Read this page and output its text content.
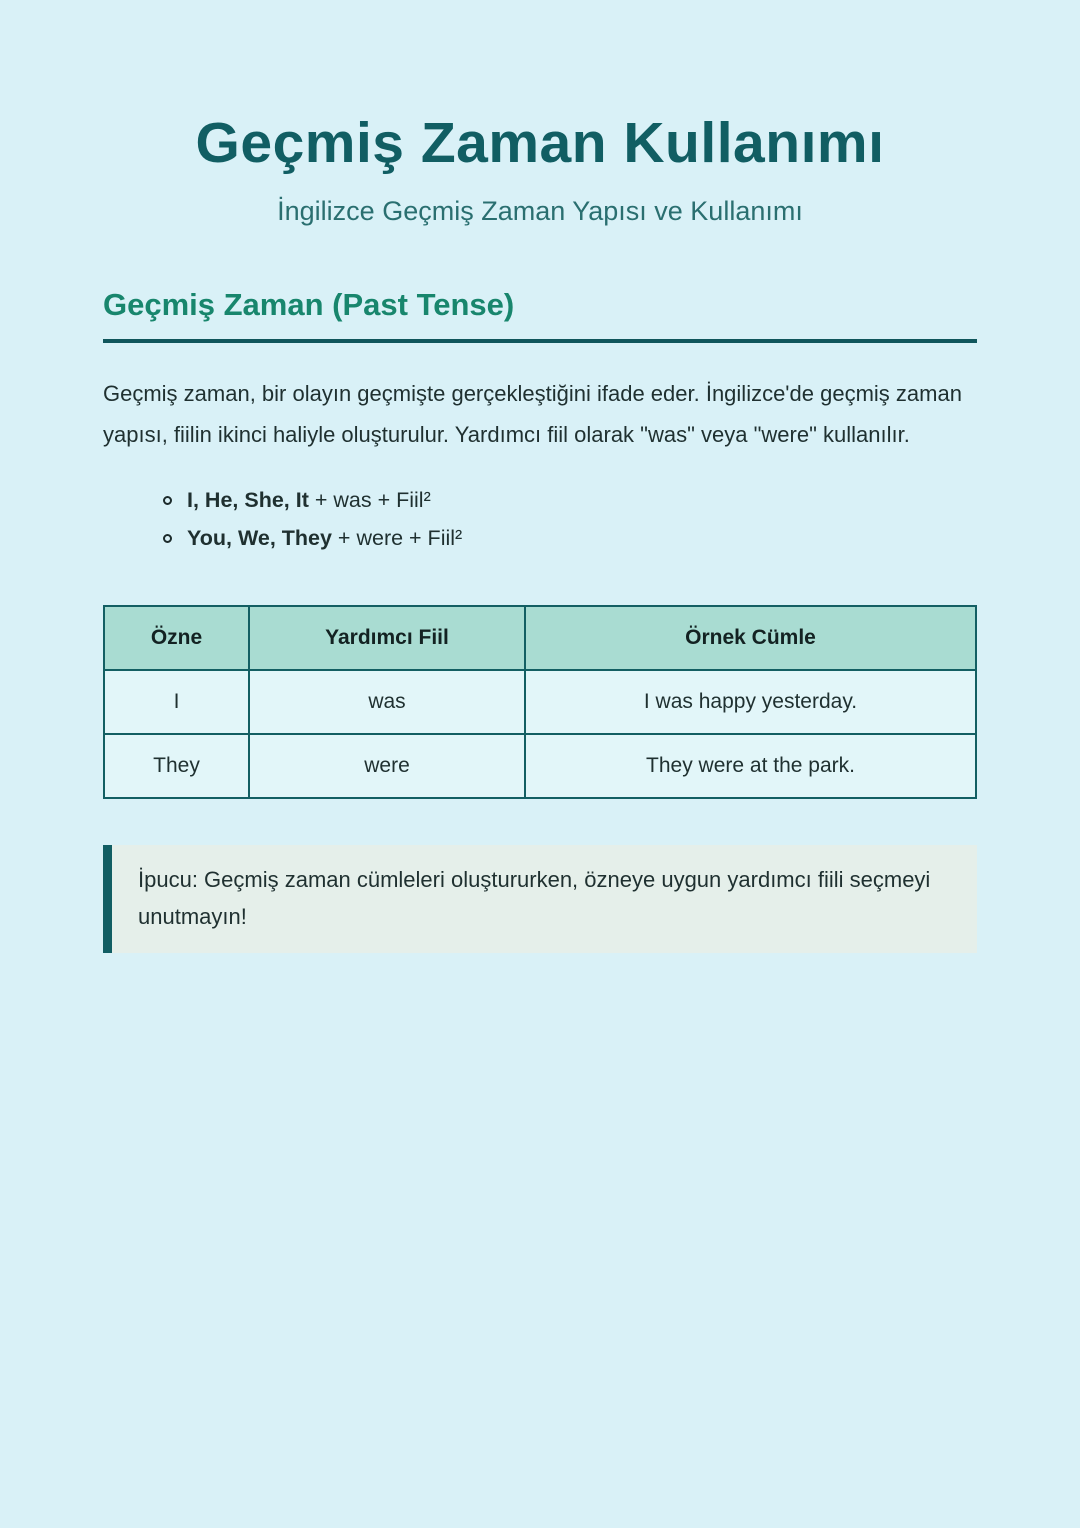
Geçmiş Zaman Kullanımı
İngilizce Geçmiş Zaman Yapısı ve Kullanımı
Geçmiş Zaman (Past Tense)

Geçmiş zaman, bir olayın geçmişte gerçekleştiğini ifade eder. İngilizce'de geçmiş zaman yapısı, fiilin ikinci haliyle oluşturulur. Yardımcı fiil olarak "was" veya "were" kullanılır.

I, He, She, It + was + Fiil²
You, We, They + were + Fiil²
Özne	Yardımcı Fiil	Örnek Cümle
I	was	I was happy yesterday.
They	were	They were at the park.

İpucu: Geçmiş zaman cümleleri oluştururken, özneye uygun yardımcı fiili seçmeyi unutmayın!
